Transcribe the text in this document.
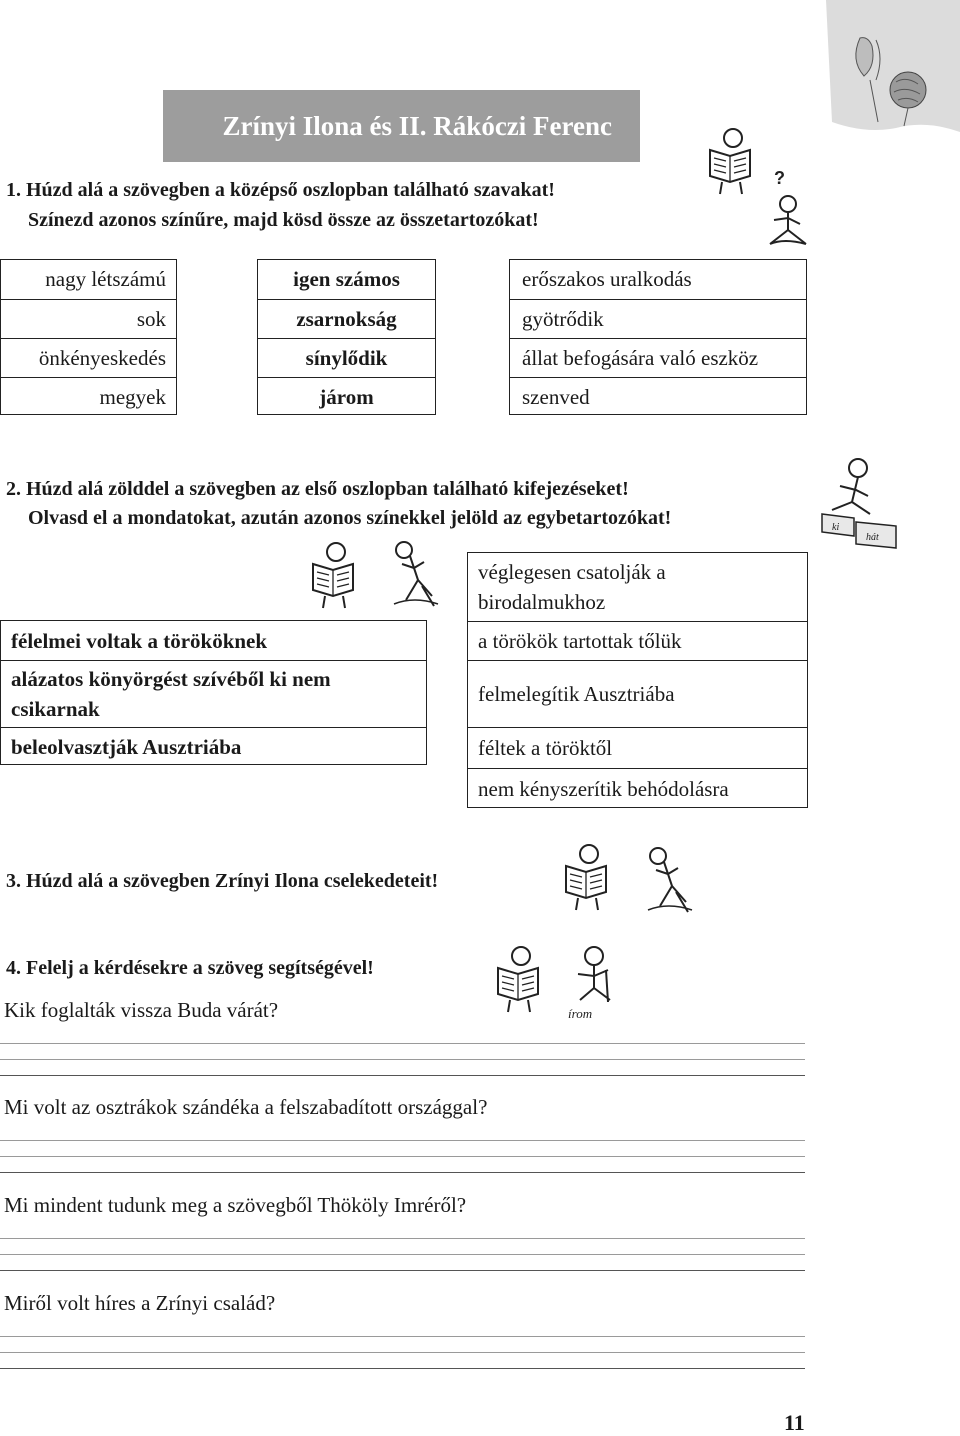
Zrínyi Ilona és II. Rákóczi Ferenc
1. Húzd alá a szövegben a középső oszlopban található szavakat!
Színezd azonos színűre, majd kösd össze az összetartozókat!
?
nagy létszámú
sok
önkényeskedés
megyek
igen számos
zsarnokság
sínylődik
járom
erőszakos uralkodás
gyötrődik
állat befogására való eszköz
szenved
2. Húzd alá zölddel a szövegben az első oszlopban található kifejezéseket!
Olvasd el a mondatokat, azután azonos színekkel jelöld az egybetartozókat!	ki
hát
félelmei voltak a törököknek
alázatos könyörgést szívéből ki nem csikarnak
beleolvasztják Ausztriába
véglegesen csatolják a birodalmukhoz
a törökök tartottak tőlük
felmelegítik Ausztriába
féltek a töröktől
nem kényszerítik behódolásra
3. Húzd alá a szövegben Zrínyi Ilona cselekedeteit!
4. Felelj a kérdésekre a szöveg segítségével!
írom
Kik foglalták vissza Buda várát?
Mi volt az osztrákok szándéka a felszabadított országgal?
Mi mindent tudunk meg a szövegből Thököly Imréről?
Miről volt híres a Zrínyi család?
11
